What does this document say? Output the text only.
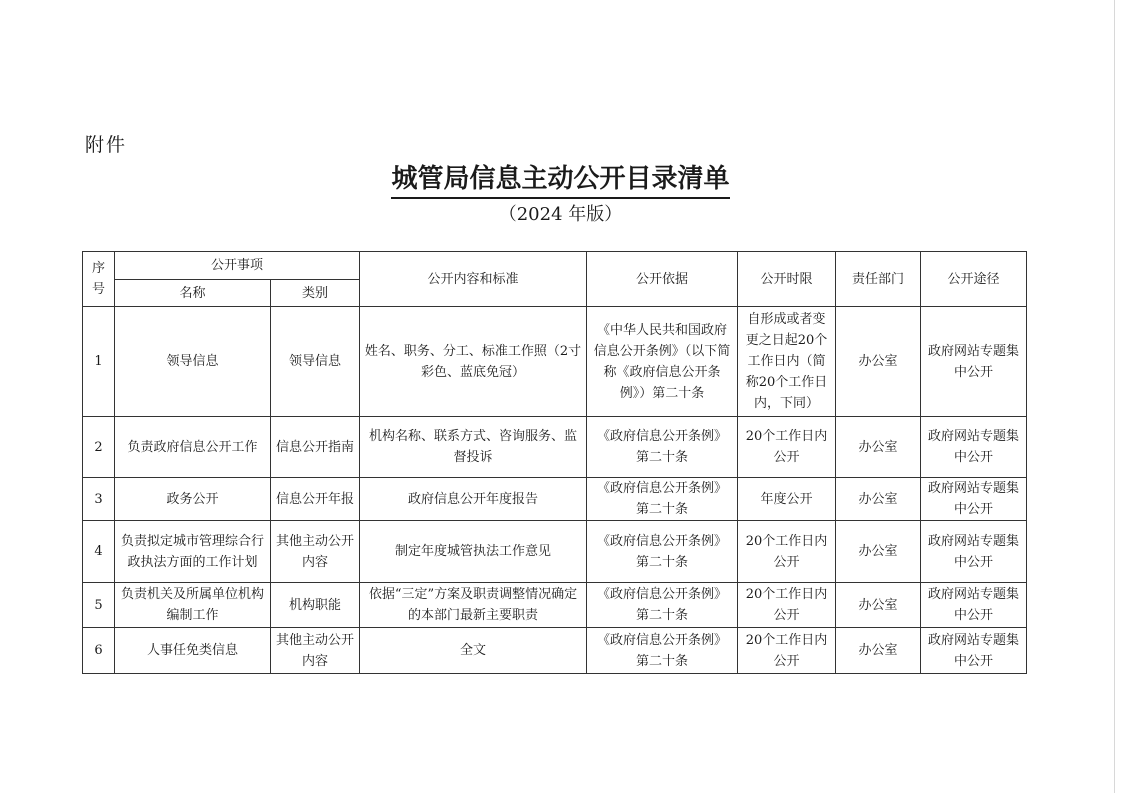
附件
城管局信息主动公开目录清单
（2024 年版）
序号	公开事项		公开内容和标准	公开依据	公开时限	责任部门	公开途径
	名称	类别					
1	领导信息	领导信息	姓名、职务、分工、标准工作照（2寸彩色、蓝底免冠）	《中华人民共和国政府信息公开条例》（以下简称《政府信息公开条例》）第二十条	自形成或者变更之日起20个工作日内（简称20个工作日内，下同）	办公室	政府网站专题集中公开
2	负责政府信息公开工作	信息公开指南	机构名称、联系方式、咨询服务、监督投诉	《政府信息公开条例》第二十条	20个工作日内公开	办公室	政府网站专题集中公开
3	政务公开	信息公开年报	政府信息公开年度报告	《政府信息公开条例》第二十条	年度公开	办公室	政府网站专题集中公开
4	负责拟定城市管理综合行政执法方面的工作计划	其他主动公开内容	制定年度城管执法工作意见	《政府信息公开条例》第二十条	20个工作日内公开	办公室	政府网站专题集中公开
5	负责机关及所属单位机构编制工作	机构职能	依据“三定”方案及职责调整情况确定的本部门最新主要职责	《政府信息公开条例》第二十条	20个工作日内公开	办公室	政府网站专题集中公开
6	人事任免类信息	其他主动公开内容	全文	《政府信息公开条例》第二十条	20个工作日内公开	办公室	政府网站专题集中公开
